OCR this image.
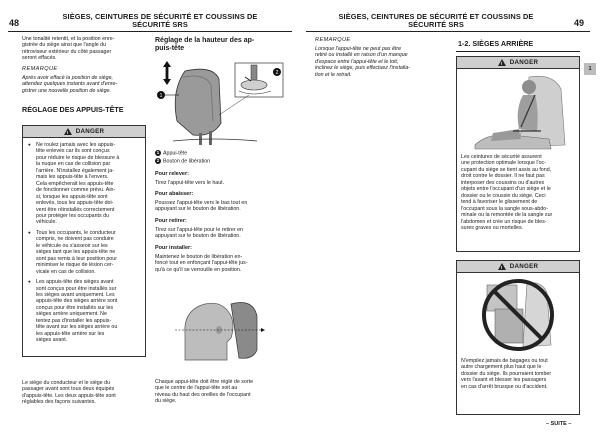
48
SIÈGES, CEINTURES DE SÉCURITÉ ET COUSSINS DE
SÉCURITÉ SRS
Une tonalité retentit, et la position enre-
gistrée du siège ainsi que l'angle du
rétroviseur extérieur du côté passager
seront effacés.
REMARQUE
Après avoir effacé la position de siège,
attendez quelques instants avant d'enre-
gistrer une nouvelle position de siège.
RÉGLAGE DES APPUIS-TÊTE
! DANGER
● Ne roulez jamais avec les appuis-
tête enlevés car ils sont conçus
pour réduire le risque de blessure à
la nuque en cas de collision par
l'arrière. N'installez également ja-
mais les appuis-tête à l'envers.
Cela empêcherait les appuis-tête
de fonctionner comme prévu. Ain-
si, lorsque les appuis-tête sont
enlevés, tous les appuis-tête doi-
vent être réinstallés correctement
pour protéger les occupants du
véhicule.
● Tous les occupants, le conducteur
compris, ne doivent pas conduire
le véhicule ou s'asseoir sur les
sièges tant que les appuis-tête ne
sont pas remis à leur position pour
minimiser le risque de lésion cer-
vicale en cas de collision.
● Les appuis-tête des sièges avant
sont conçus pour être installés sur
les sièges avant uniquement. Les
appuis-tête des sièges arrière sont
conçus pour être installés sur les
sièges arrière uniquement. Ne
tentez pas d'installer les appuis-
tête avant sur les sièges arrière ou
les appuis-tête arrière sur les
sièges avant.
Le siège du conducteur et le siège du
passager avant sont tous deux équipés
d'appuis-tête. Les deux appuis-tête sont
réglables des façons suivantes.
Réglage de la hauteur des ap-
puis-tête
1
2
1 Appui-tête
2 Bouton de libération
Pour relever:
Tirez l'appui-tête vers le haut.
Pour abaisser:
Poussez l'appui-tête vers le bas tout en
appuyant sur le bouton de libération.
Pour retirer:
Tirez sur l'appui-tête pour le retirer en
appuyant sur le bouton de libération.
Pour installer:
Maintenez le bouton de libération en-
foncé tout en enfonçant l'appui-tête jus-
qu'à ce qu'il se verrouille en position.
Chaque appui-tête doit être réglé de sorte
que le centre de l'appui-tête soit au
niveau du haut des oreilles de l'occupant
du siège.
SIÈGES, CEINTURES DE SÉCURITÉ ET COUSSINS DE
SÉCURITÉ SRS	49
REMARQUE
Lorsque l'appui-tête ne peut pas être
retiré ou installé en raison d'un manque
d'espace entre l'appui-tête et le toit,
inclinez le siège, puis effectuez l'installa-
tion et le retrait.
1-2. SIÈGES ARRIÈRE
1
! DANGER
Les ceintures de sécurité assurent
une protection optimale lorsque l'oc-
cupant du siège se tient assis au fond,
droit contre le dossier. Il ne faut pas
interposer des coussins ou d'autres
objets entre l'occupant d'un siège et le
dossier ou le coussin du siège. Ceci
tend à favoriser le glissement de
l'occupant sous la sangle sous-abdo-
minale ou la remontée de la sangle sur
l'abdomen et crée un risque de bles-
sures graves ou mortelles.
! DANGER
N'empilez jamais de bagages ou tout
autre chargement plus haut que le
dossier du siège. Ils pourraient tomber
vers l'avant et blesser les passagers
en cas d'arrêt brusque ou d'accident.
– SUITE –
